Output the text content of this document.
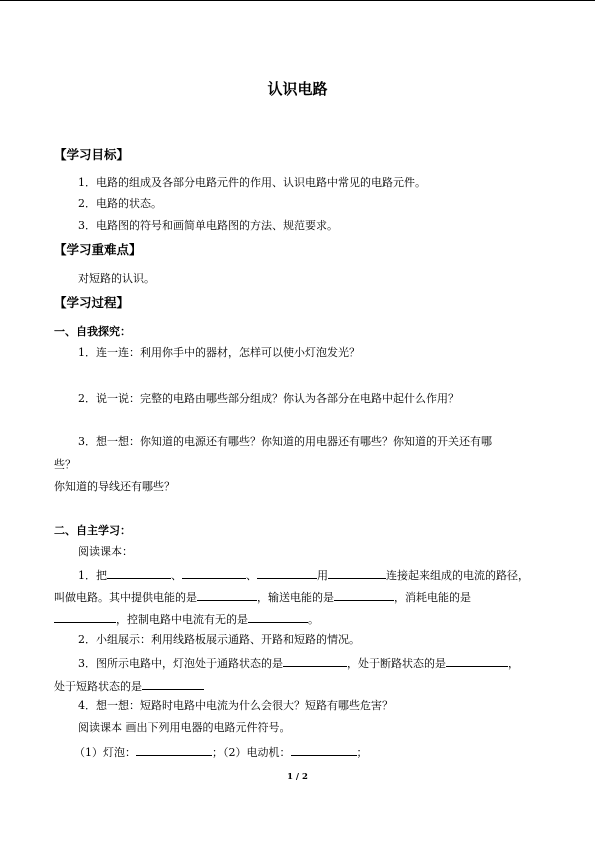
认识电路
【学习目标】
1．电路的组成及各部分电路元件的作用、认识电路中常见的电路元件。
2．电路的状态。
3．电路图的符号和画简单电路图的方法、规范要求。
【学习重难点】
对短路的认识。
【学习过程】
一、自我探究：
1．连一连：利用你手中的器材，怎样可以使小灯泡发光？
2．说一说：完整的电路由哪些部分组成？你认为各部分在电路中起什么作用？
3．想一想：你知道的电源还有哪些？你知道的用电器还有哪些？你知道的开关还有哪
些？
你知道的导线还有哪些？
二、自主学习：
阅读课本：
1．把	、	、	用	连接起来组成的电流的路径，
叫做电路。其中提供电能的是	，输送电能的是	，消耗电能的是
，控制电路中电流有无的是	。
2．小组展示：利用线路板展示通路、开路和短路的情况。
3．图所示电路中，灯泡处于通路状态的是	，处于断路状态的是	，
处于短路状态的是
4．想一想：短路时电路中电流为什么会很大？短路有哪些危害？
阅读课本 画出下列用电器的电路元件符号。
（1）灯泡：	；（2）电动机：	；
1 / 2
